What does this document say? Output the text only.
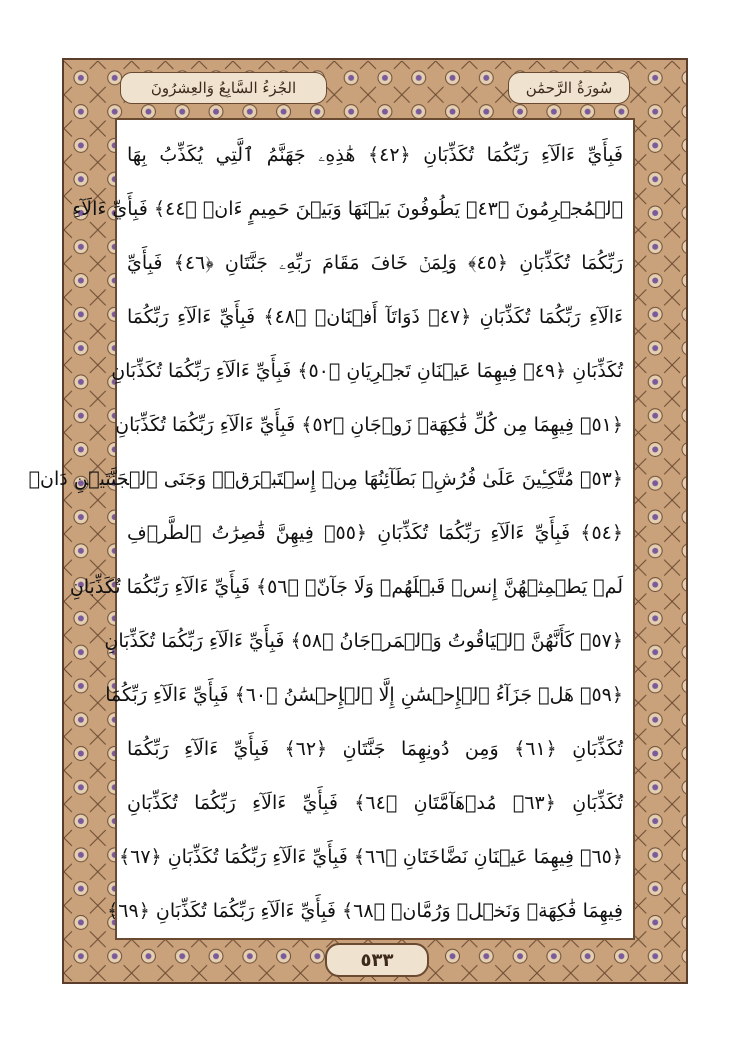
الجُزءُ السَّابِعُ وَالعِشرُونَ	سُورَةُ الرَّحمَٰن
فَبِأَيِّ ءَالَآءِ رَبِّكُمَا تُكَذِّبَانِ ﴿٤٢﴾ هَٰذِهِۦ جَهَنَّمُ ٱلَّتِي يُكَذِّبُ بِهَا
ٱلۡمُجۡرِمُونَ ﴿٤٣﴾ يَطُوفُونَ بَيۡنَهَا وَبَيۡنَ حَمِيمٍ ءَانٖ ﴿٤٤﴾ فَبِأَيِّ ءَالَآءِ
رَبِّكُمَا تُكَذِّبَانِ ﴿٤٥﴾ وَلِمَنۡ خَافَ مَقَامَ رَبِّهِۦ جَنَّتَانِ ﴿٤٦﴾ فَبِأَيِّ
ءَالَآءِ رَبِّكُمَا تُكَذِّبَانِ ﴿٤٧﴾ ذَوَاتَآ أَفۡنَانٖ ﴿٤٨﴾ فَبِأَيِّ ءَالَآءِ رَبِّكُمَا
تُكَذِّبَانِ ﴿٤٩﴾ فِيهِمَا عَيۡنَانِ تَجۡرِيَانِ ﴿٥٠﴾ فَبِأَيِّ ءَالَآءِ رَبِّكُمَا تُكَذِّبَانِ
﴿٥١﴾ فِيهِمَا مِن كُلِّ فَٰكِهَةٖ زَوۡجَانِ ﴿٥٢﴾ فَبِأَيِّ ءَالَآءِ رَبِّكُمَا تُكَذِّبَانِ
﴿٥٣﴾ مُتَّكِـِٔينَ عَلَىٰ فُرُشِۭ بَطَآئِنُهَا مِنۡ إِسۡتَبۡرَقٖۚ وَجَنَى ٱلۡجَنَّتَيۡنِ دَانٖ
﴿٥٤﴾ فَبِأَيِّ ءَالَآءِ رَبِّكُمَا تُكَذِّبَانِ ﴿٥٥﴾ فِيهِنَّ قَٰصِرَٰتُ ٱلطَّرۡفِ
لَمۡ يَطۡمِثۡهُنَّ إِنسٞ قَبۡلَهُمۡ وَلَا جَآنّٞ ﴿٥٦﴾ فَبِأَيِّ ءَالَآءِ رَبِّكُمَا تُكَذِّبَانِ
﴿٥٧﴾ كَأَنَّهُنَّ ٱلۡيَاقُوتُ وَٱلۡمَرۡجَانُ ﴿٥٨﴾ فَبِأَيِّ ءَالَآءِ رَبِّكُمَا تُكَذِّبَانِ
﴿٥٩﴾ هَلۡ جَزَآءُ ٱلۡإِحۡسَٰنِ إِلَّا ٱلۡإِحۡسَٰنُ ﴿٦٠﴾ فَبِأَيِّ ءَالَآءِ رَبِّكُمَا
تُكَذِّبَانِ ﴿٦١﴾ وَمِن دُونِهِمَا جَنَّتَانِ ﴿٦٢﴾ فَبِأَيِّ ءَالَآءِ رَبِّكُمَا
تُكَذِّبَانِ ﴿٦٣﴾ مُدۡهَآمَّتَانِ ﴿٦٤﴾ فَبِأَيِّ ءَالَآءِ رَبِّكُمَا تُكَذِّبَانِ
﴿٦٥﴾ فِيهِمَا عَيۡنَانِ نَضَّاخَتَانِ ﴿٦٦﴾ فَبِأَيِّ ءَالَآءِ رَبِّكُمَا تُكَذِّبَانِ ﴿٦٧﴾
فِيهِمَا فَٰكِهَةٞ وَنَخۡلٞ وَرُمَّانٞ ﴿٦٨﴾ فَبِأَيِّ ءَالَآءِ رَبِّكُمَا تُكَذِّبَانِ ﴿٦٩﴾
٥٣٣
